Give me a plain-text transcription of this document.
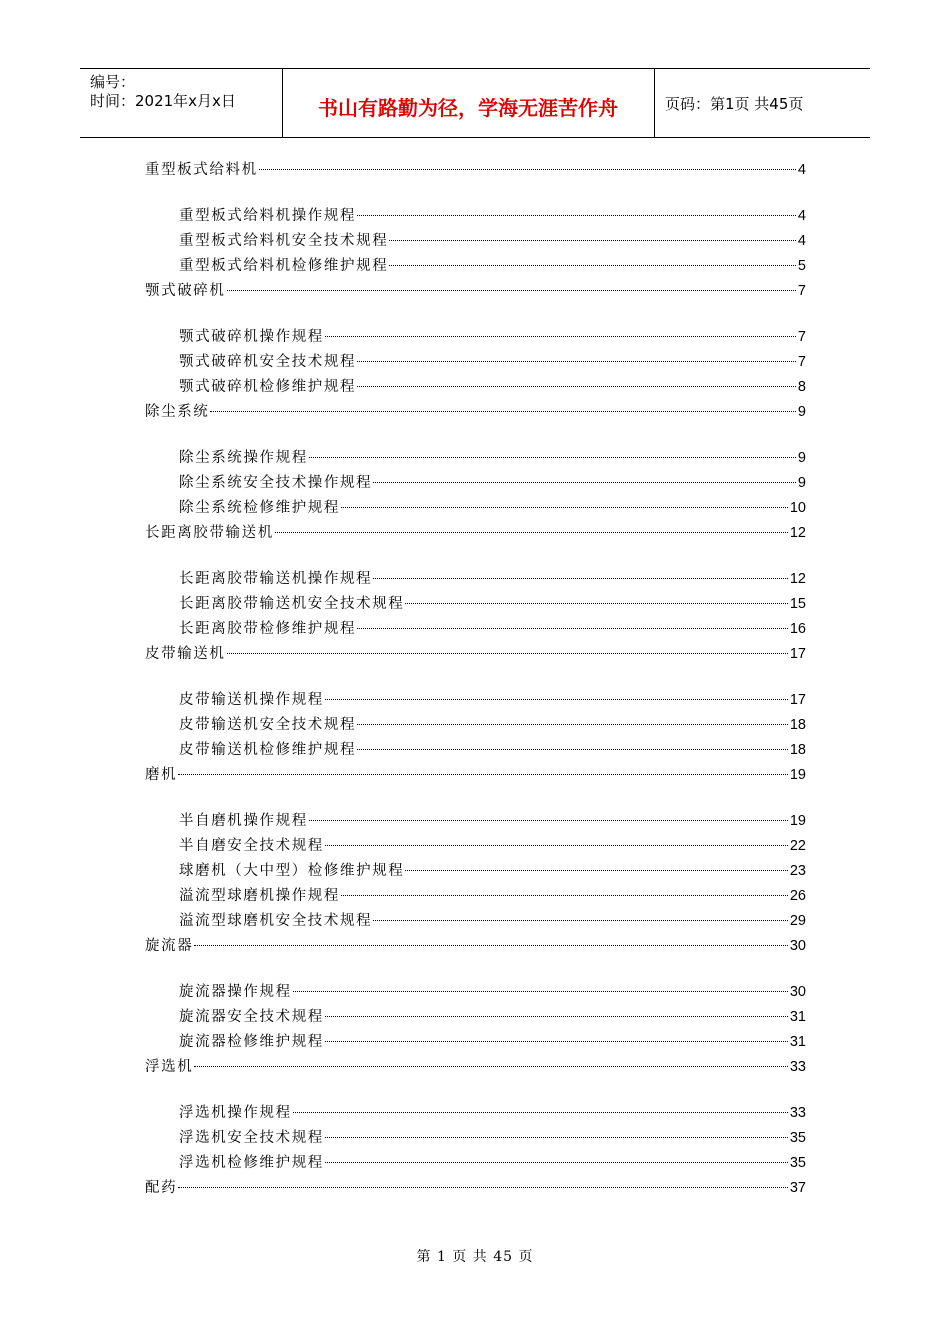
编号：
时间：2021年x月x日	书山有路勤为径，学海无涯苦作舟	页码：第1页 共45页
重型板式给料机	4
重型板式给料机操作规程	4
重型板式给料机安全技术规程	4
重型板式给料机检修维护规程	5
颚式破碎机	7
颚式破碎机操作规程	7
颚式破碎机安全技术规程	7
颚式破碎机检修维护规程	8
除尘系统	9
除尘系统操作规程	9
除尘系统安全技术操作规程	9
除尘系统检修维护规程	10
长距离胶带输送机	12
长距离胶带输送机操作规程	12
长距离胶带输送机安全技术规程	15
长距离胶带检修维护规程	16
皮带输送机	17
皮带输送机操作规程	17
皮带输送机安全技术规程	18
皮带输送机检修维护规程	18
磨机	19
半自磨机操作规程	19
半自磨安全技术规程	22
球磨机（大中型）检修维护规程	23
溢流型球磨机操作规程	26
溢流型球磨机安全技术规程	29
旋流器	30
旋流器操作规程	30
旋流器安全技术规程	31
旋流器检修维护规程	31
浮选机	33
浮选机操作规程	33
浮选机安全技术规程	35
浮选机检修维护规程	35
配药	37
第 1 页 共 45 页
